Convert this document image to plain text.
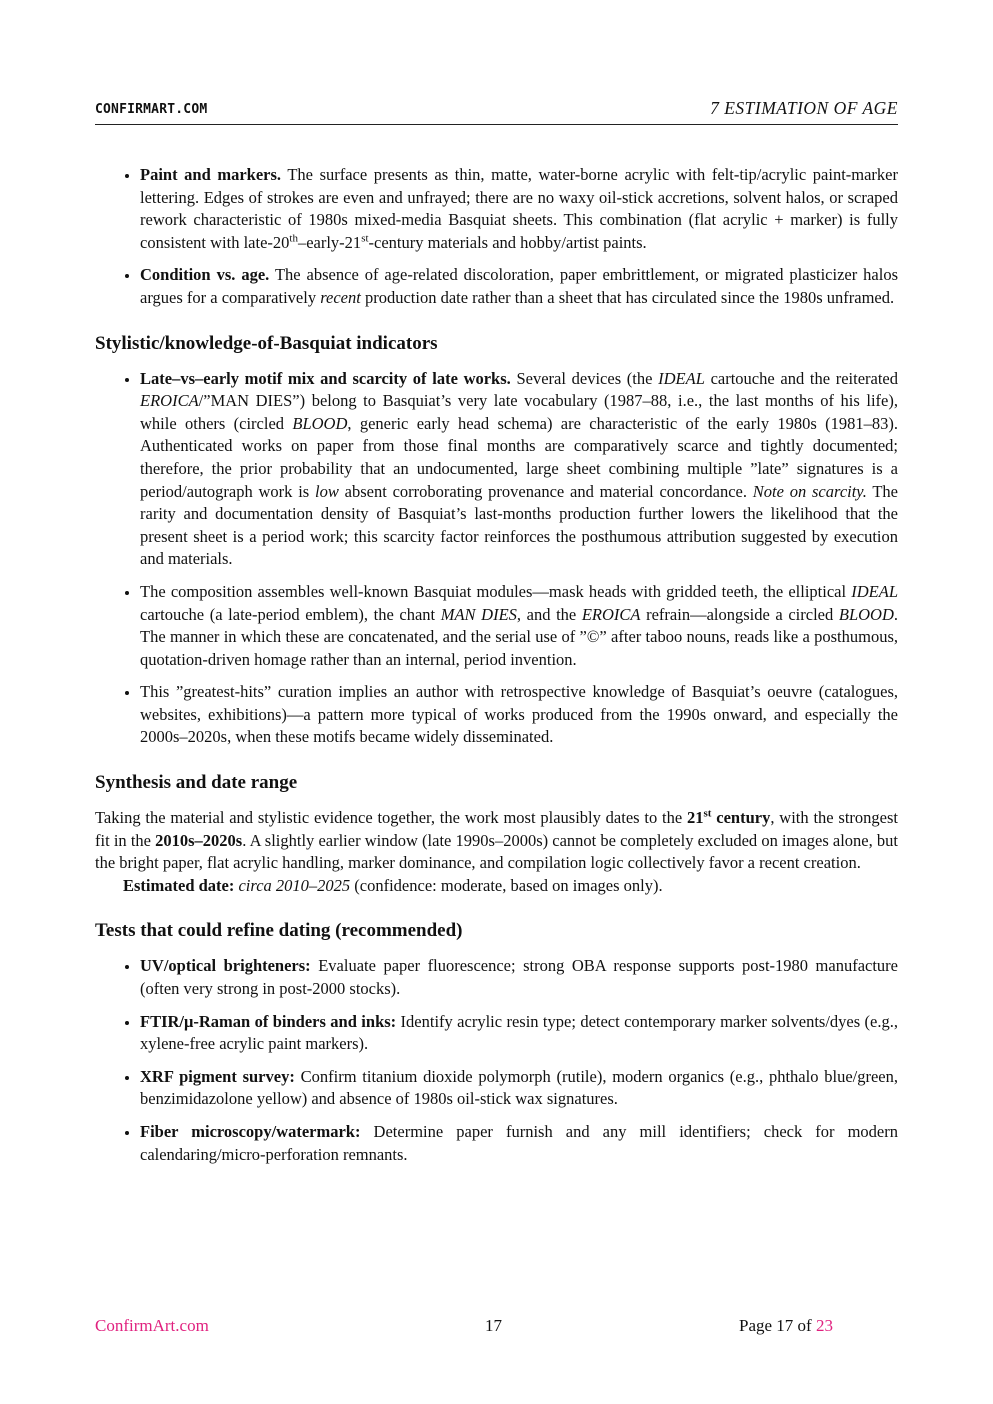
CONFIRMART.COM	7 ESTIMATION OF AGE
• Paint and markers. The surface presents as thin, matte, water-borne acrylic with felt-tip/acrylic paint-marker lettering. Edges of strokes are even and unfrayed; there are no waxy oil-stick accretions, solvent halos, or scraped rework characteristic of 1980s mixed-media Basquiat sheets. This combination (flat acrylic + marker) is fully consistent with late-20th–early-21st-century materials and hobby/artist paints.
• Condition vs. age. The absence of age-related discoloration, paper embrittlement, or migrated plasticizer halos argues for a comparatively recent production date rather than a sheet that has circulated since the 1980s unframed.
Stylistic/knowledge-of-Basquiat indicators
• Late–vs–early motif mix and scarcity of late works. Several devices (the IDEAL cartouche and the reiterated EROICA/”MAN DIES”) belong to Basquiat’s very late vocabulary (1987–88, i.e., the last months of his life), while others (circled BLOOD, generic early head schema) are characteristic of the early 1980s (1981–83). Authenticated works on paper from those final months are comparatively scarce and tightly documented; therefore, the prior probability that an undocumented, large sheet combining multiple ”late” signatures is a period/autograph work is low absent corroborating provenance and material concordance. Note on scarcity. The rarity and documentation density of Basquiat’s last-months production further lowers the likelihood that the present sheet is a period work; this scarcity factor reinforces the posthumous attribution suggested by execution and materials.
• The composition assembles well-known Basquiat modules—mask heads with gridded teeth, the elliptical IDEAL cartouche (a late-period emblem), the chant MAN DIES, and the EROICA refrain—alongside a circled BLOOD. The manner in which these are concatenated, and the serial use of ”©” after taboo nouns, reads like a posthumous, quotation-driven homage rather than an internal, period invention.
• This ”greatest-hits” curation implies an author with retrospective knowledge of Basquiat’s oeuvre (catalogues, websites, exhibitions)—a pattern more typical of works produced from the 1990s onward, and especially the 2000s–2020s, when these motifs became widely disseminated.
Synthesis and date range

Taking the material and stylistic evidence together, the work most plausibly dates to the 21st century, with the strongest fit in the 2010s–2020s. A slightly earlier window (late 1990s–2000s) cannot be completely excluded on images alone, but the bright paper, flat acrylic handling, marker dominance, and compilation logic collectively favor a recent creation.

Estimated date: circa 2010–2025 (confidence: moderate, based on images only).

Tests that could refine dating (recommended)
• UV/optical brighteners: Evaluate paper fluorescence; strong OBA response supports post-1980 manufacture (often very strong in post-2000 stocks).
• FTIR/μ-Raman of binders and inks: Identify acrylic resin type; detect contemporary marker solvents/dyes (e.g., xylene-free acrylic paint markers).
• XRF pigment survey: Confirm titanium dioxide polymorph (rutile), modern organics (e.g., phthalo blue/green, benzimidazolone yellow) and absence of 1980s oil-stick wax signatures.
• Fiber microscopy/watermark: Determine paper furnish and any mill identifiers; check for modern calendaring/micro-perforation remnants.
ConfirmArt.com	17	Page 17 of 23
